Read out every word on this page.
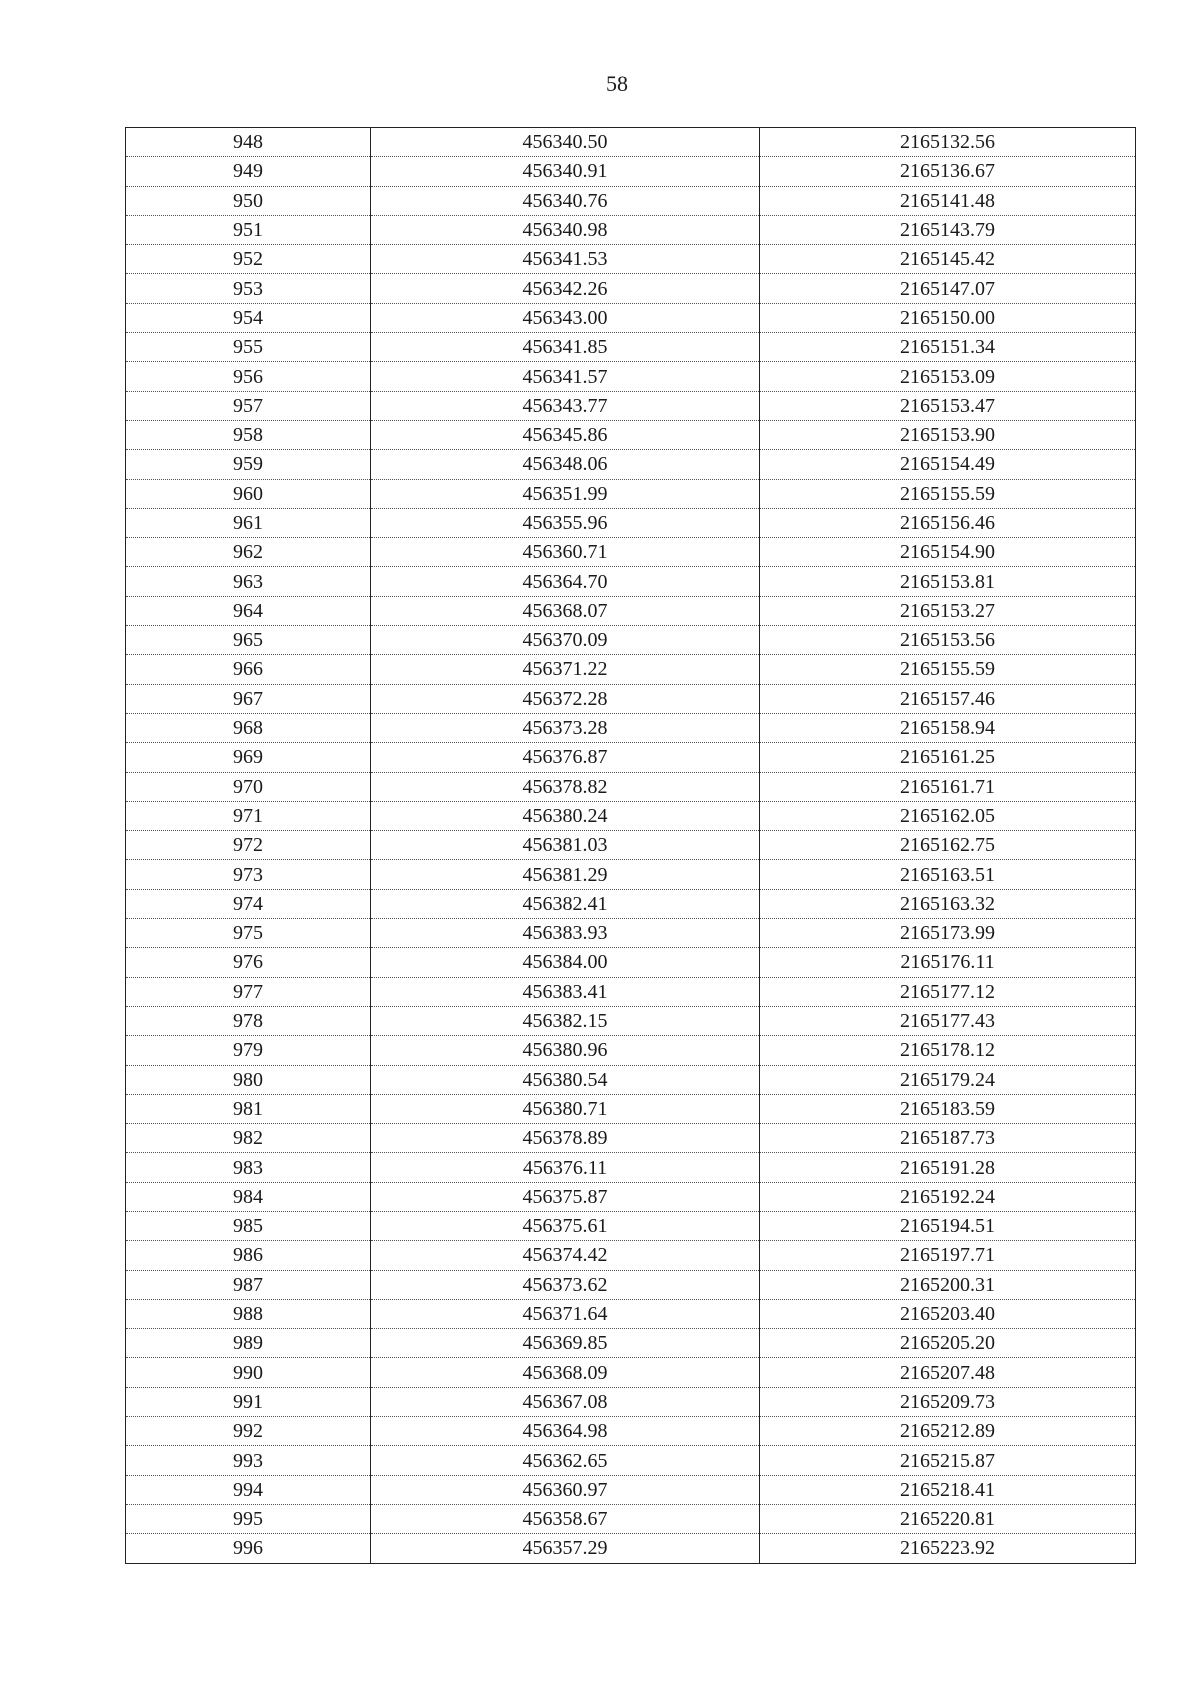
58
948	456340.50	2165132.56
949	456340.91	2165136.67
950	456340.76	2165141.48
951	456340.98	2165143.79
952	456341.53	2165145.42
953	456342.26	2165147.07
954	456343.00	2165150.00
955	456341.85	2165151.34
956	456341.57	2165153.09
957	456343.77	2165153.47
958	456345.86	2165153.90
959	456348.06	2165154.49
960	456351.99	2165155.59
961	456355.96	2165156.46
962	456360.71	2165154.90
963	456364.70	2165153.81
964	456368.07	2165153.27
965	456370.09	2165153.56
966	456371.22	2165155.59
967	456372.28	2165157.46
968	456373.28	2165158.94
969	456376.87	2165161.25
970	456378.82	2165161.71
971	456380.24	2165162.05
972	456381.03	2165162.75
973	456381.29	2165163.51
974	456382.41	2165163.32
975	456383.93	2165173.99
976	456384.00	2165176.11
977	456383.41	2165177.12
978	456382.15	2165177.43
979	456380.96	2165178.12
980	456380.54	2165179.24
981	456380.71	2165183.59
982	456378.89	2165187.73
983	456376.11	2165191.28
984	456375.87	2165192.24
985	456375.61	2165194.51
986	456374.42	2165197.71
987	456373.62	2165200.31
988	456371.64	2165203.40
989	456369.85	2165205.20
990	456368.09	2165207.48
991	456367.08	2165209.73
992	456364.98	2165212.89
993	456362.65	2165215.87
994	456360.97	2165218.41
995	456358.67	2165220.81
996	456357.29	2165223.92
